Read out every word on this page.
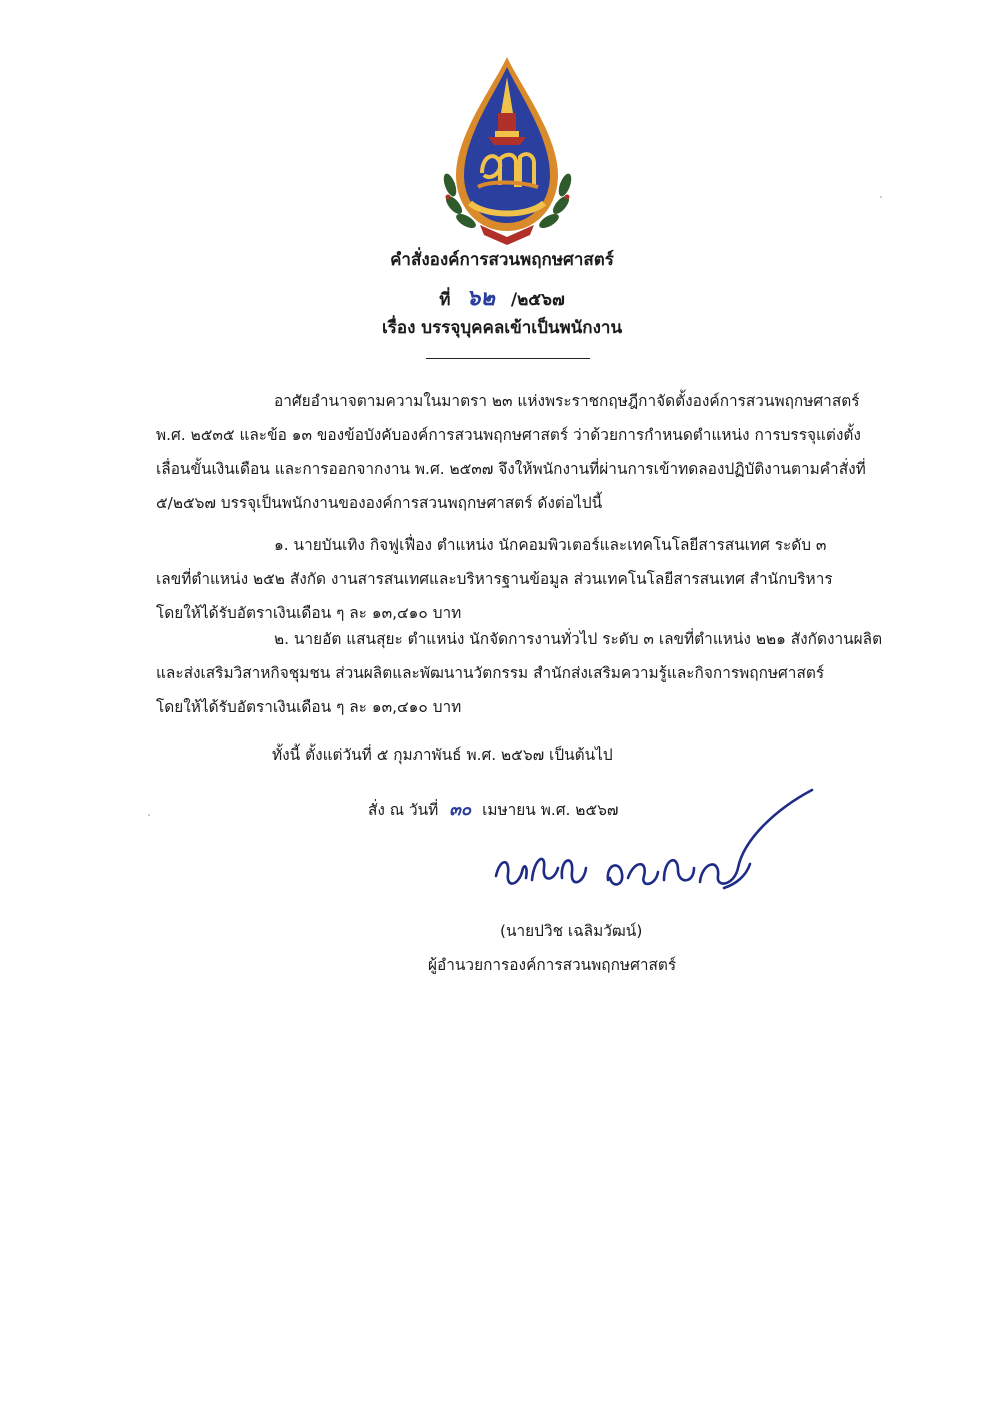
คำสั่งองค์การสวนพฤกษศาสตร์
ที่ ๖๒ /๒๕๖๗
เรื่อง บรรจุบุคคลเข้าเป็นพนักงาน
อาศัยอำนาจตามความในมาตรา ๒๓ แห่งพระราชกฤษฎีกาจัดตั้งองค์การสวนพฤกษศาสตร์
พ.ศ. ๒๕๓๕ และข้อ ๑๓ ของข้อบังคับองค์การสวนพฤกษศาสตร์ ว่าด้วยการกำหนดตำแหน่ง การบรรจุแต่งตั้ง
เลื่อนขั้นเงินเดือน และการออกจากงาน พ.ศ. ๒๕๓๗ จึงให้พนักงานที่ผ่านการเข้าทดลองปฏิบัติงานตามคำสั่งที่
๕/๒๕๖๗ บรรจุเป็นพนักงานขององค์การสวนพฤกษศาสตร์ ดังต่อไปนี้
๑. นายบันเทิง กิจฟูเฟื่อง ตำแหน่ง นักคอมพิวเตอร์และเทคโนโลยีสารสนเทศ ระดับ ๓
เลขที่ตำแหน่ง ๒๕๒ สังกัด งานสารสนเทศและบริหารฐานข้อมูล ส่วนเทคโนโลยีสารสนเทศ สำนักบริหาร
โดยให้ได้รับอัตราเงินเดือน ๆ ละ ๑๓,๔๑๐ บาท
๒. นายอัต แสนสุยะ ตำแหน่ง นักจัดการงานทั่วไป ระดับ ๓ เลขที่ตำแหน่ง ๒๒๑ สังกัดงานผลิต
และส่งเสริมวิสาหกิจชุมชน ส่วนผลิตและพัฒนานวัตกรรม สำนักส่งเสริมความรู้และกิจการพฤกษศาสตร์
โดยให้ได้รับอัตราเงินเดือน ๆ ละ ๑๓,๔๑๐ บาท
ทั้งนี้ ตั้งแต่วันที่ ๕ กุมภาพันธ์ พ.ศ. ๒๕๖๗ เป็นต้นไป
สั่ง ณ วันที่ ๓๐ เมษายน พ.ศ. ๒๕๖๗
(นายปวิช เฉลิมวัฒน์)
ผู้อำนวยการองค์การสวนพฤกษศาสตร์
